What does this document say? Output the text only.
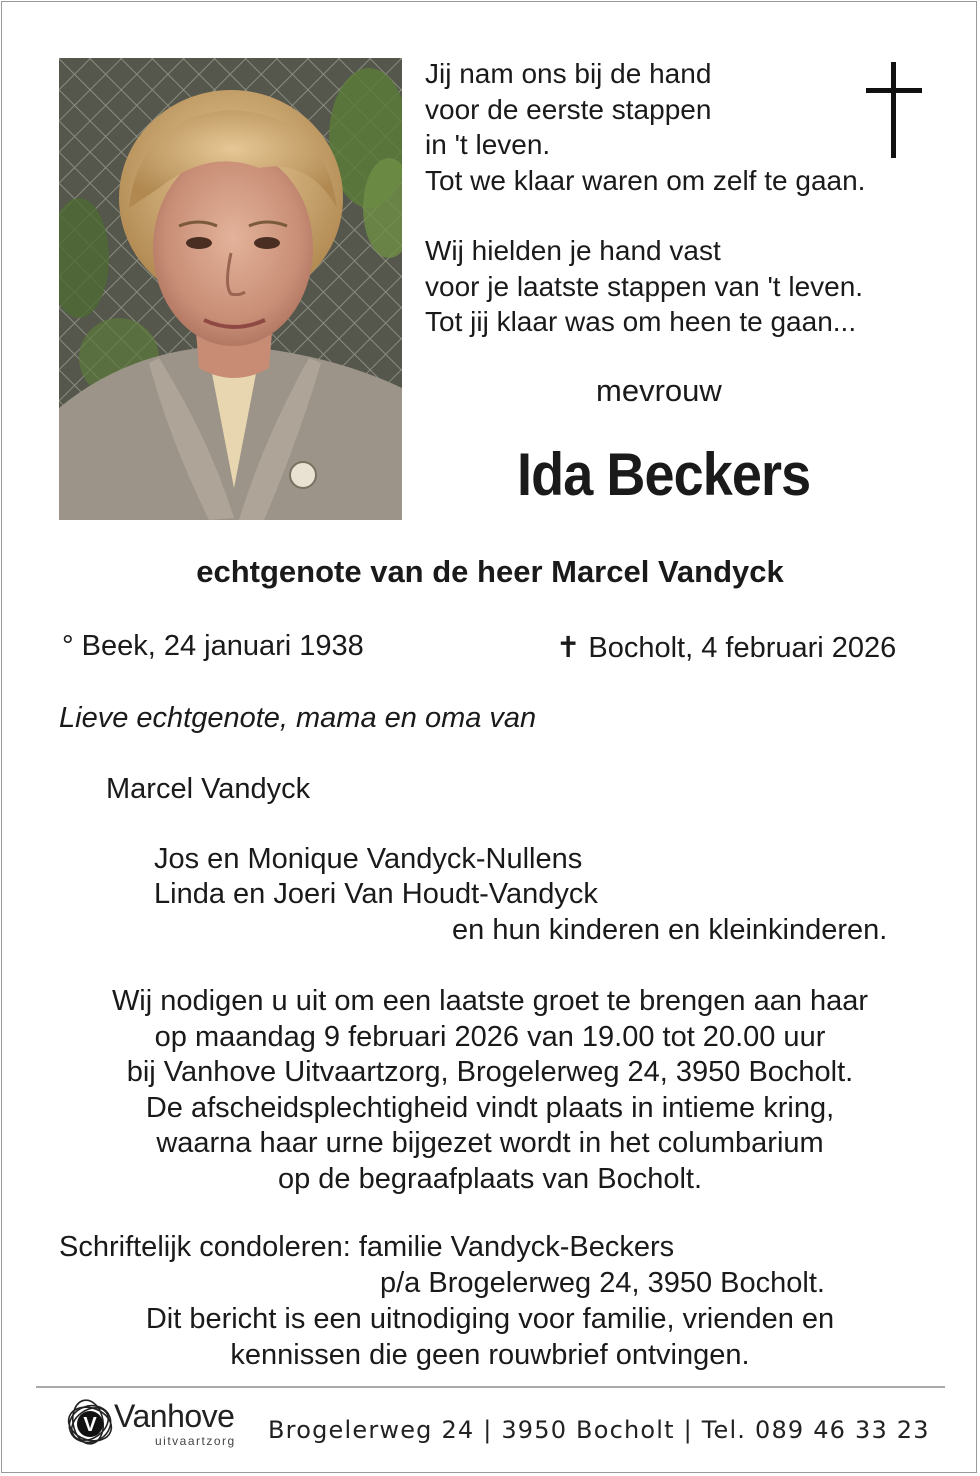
Jij nam ons bij de hand
voor de eerste stappen
in 't leven.
Tot we klaar waren om zelf te gaan.
Wij hielden je hand vast
voor je laatste stappen van 't leven.
Tot jij klaar was om heen te gaan...
mevrouw
Ida Beckers
echtgenote van de heer Marcel Vandyck
° Beek, 24 januari 1938	✝ Bocholt, 4 februari 2026
Lieve echtgenote, mama en oma van
Marcel Vandyck
Jos en Monique Vandyck-Nullens
Linda en Joeri Van Houdt-Vandyck
en hun kinderen en kleinkinderen.
Wij nodigen u uit om een laatste groet te brengen aan haar
op maandag 9 februari 2026 van 19.00 tot 20.00 uur
bij Vanhove Uitvaartzorg, Brogelerweg 24, 3950 Bocholt.
De afscheidsplechtigheid vindt plaats in intieme kring,
waarna haar urne bijgezet wordt in het columbarium
op de begraafplaats van Bocholt.
Schriftelijk condoleren: familie Vandyck-Beckers
p/a Brogelerweg 24, 3950 Bocholt.
Dit bericht is een uitnodiging voor familie, vrienden en
kennissen die geen rouwbrief ontvingen.
V Vanhove
uitvaartzorg Brogelerweg 24 | 3950 Bocholt | Tel. 089 46 33 23
